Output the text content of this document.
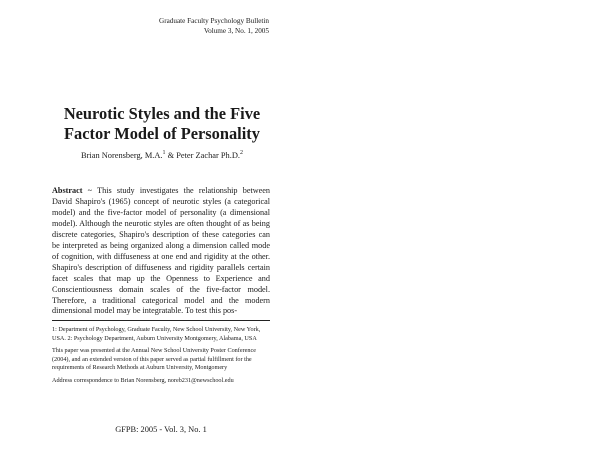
Graduate Faculty Psychology Bulletin
Volume 3, No. 1, 2005
Neurotic Styles and the Five
Factor Model of Personality
Brian Norensberg, M.A.$^1$ & Peter Zachar Ph.D.$^2$
Abstract ~ This study investigates the relationship between David Shapiro's (1965) concept of neurotic styles (a categorical model) and the five-factor model of personality (a dimensional model). Although the neurotic styles are often thought of as being discrete categories, Shapiro's description of these categories can be interpreted as being organized along a dimension called mode of cognition, with diffuseness at one end and rigidity at the other. Shapiro's description of diffuseness and rigidity parallels certain facet scales that map up the Openness to Experience and Conscientiousness domain scales of the five-factor model. Therefore, a traditional categorical model and the modern dimensional model may be integratable. To test this pos-

1: Department of Psychology, Graduate Faculty, New School University, New York, USA. 2: Psychology Department, Auburn University Montgomery, Alabama, USA

This paper was presented at the Annual New School University Poster Conference (2004), and an extended version of this paper served as partial fulfillment for the requirements of Research Methods at Auburn University, Montgomery

Address correspondence to Brian Norensberg, noreb231@newschool.edu

GFPB: 2005 - Vol. 3, No. 1
